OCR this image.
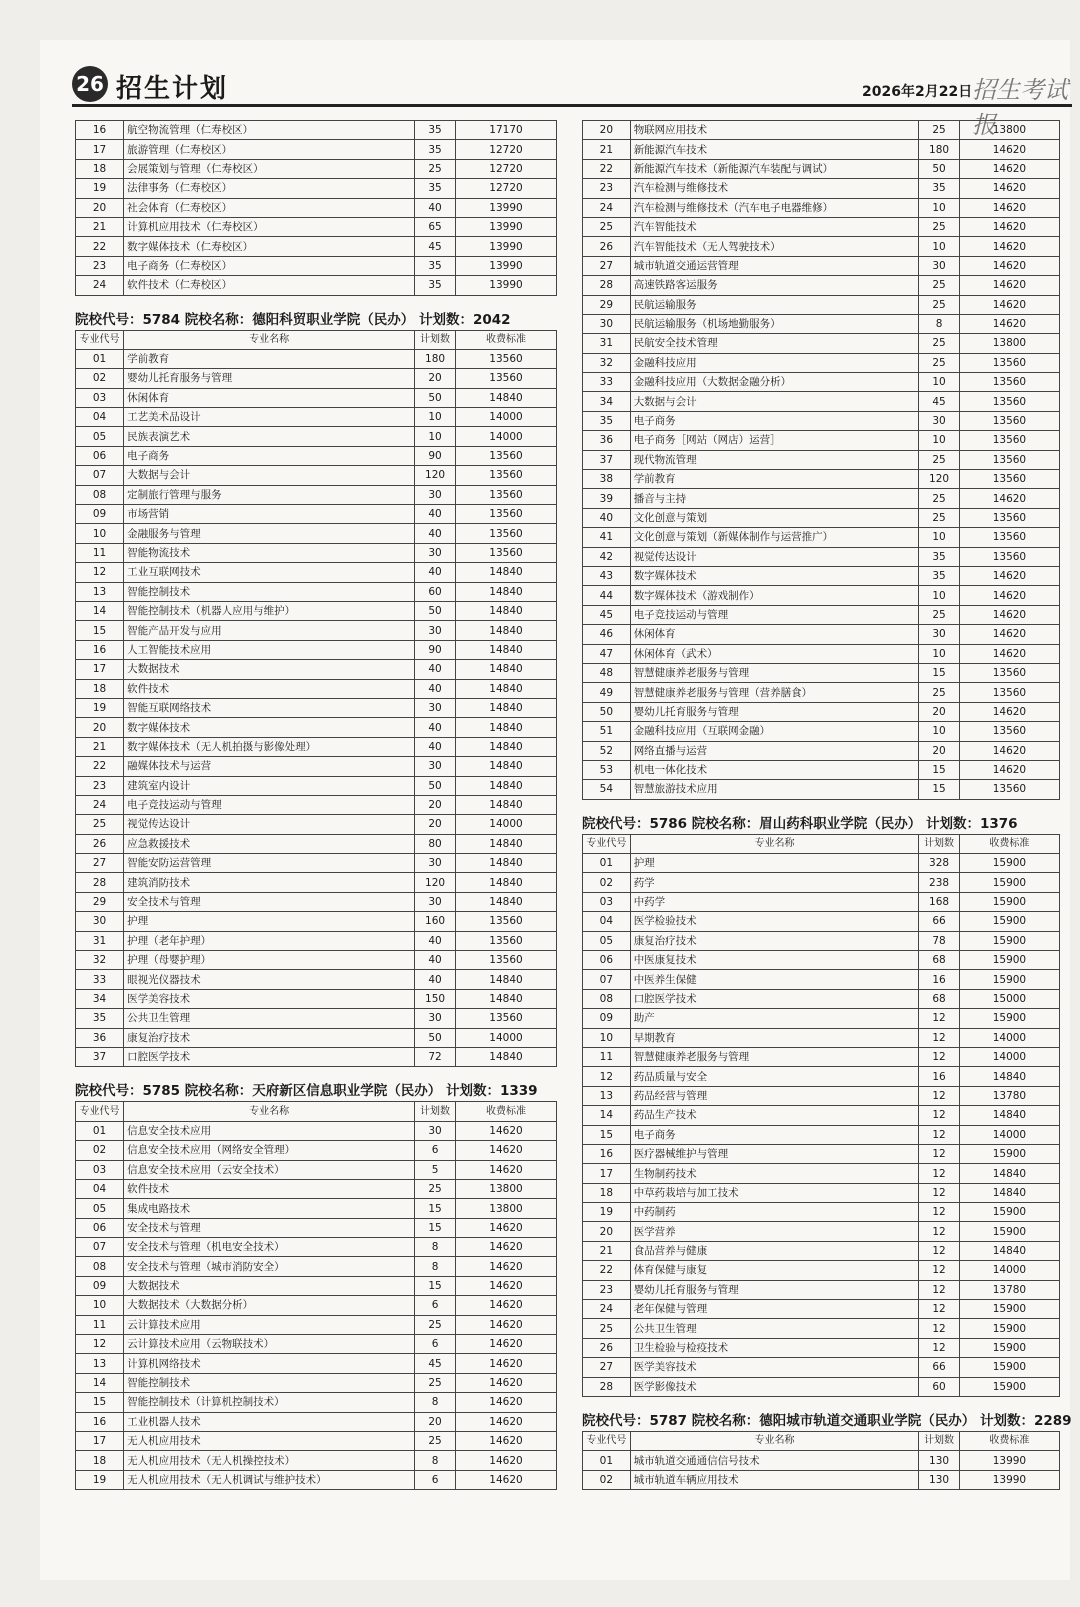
26 招生计划	2026年2月22日 招生考试报
16	航空物流管理（仁寿校区）	35	17170
17	旅游管理（仁寿校区）	35	12720
18	会展策划与管理（仁寿校区）	25	12720
19	法律事务（仁寿校区）	35	12720
20	社会体育（仁寿校区）	40	13990
21	计算机应用技术（仁寿校区）	65	13990
22	数字媒体技术（仁寿校区）	45	13990
23	电子商务（仁寿校区）	35	13990
24	软件技术（仁寿校区）	35	13990
院校代号：5784 院校名称：德阳科贸职业学院（民办） 计划数：2042
专业代号	专业名称	计划数	收费标准
01	学前教育	180	13560
02	婴幼儿托育服务与管理	20	13560
03	休闲体育	50	14840
04	工艺美术品设计	10	14000
05	民族表演艺术	10	14000
06	电子商务	90	13560
07	大数据与会计	120	13560
08	定制旅行管理与服务	30	13560
09	市场营销	40	13560
10	金融服务与管理	40	13560
11	智能物流技术	30	13560
12	工业互联网技术	40	14840
13	智能控制技术	60	14840
14	智能控制技术（机器人应用与维护）	50	14840
15	智能产品开发与应用	30	14840
16	人工智能技术应用	90	14840
17	大数据技术	40	14840
18	软件技术	40	14840
19	智能互联网络技术	30	14840
20	数字媒体技术	40	14840
21	数字媒体技术（无人机拍摄与影像处理）	40	14840
22	融媒体技术与运营	30	14840
23	建筑室内设计	50	14840
24	电子竞技运动与管理	20	14840
25	视觉传达设计	20	14000
26	应急救援技术	80	14840
27	智能安防运营管理	30	14840
28	建筑消防技术	120	14840
29	安全技术与管理	30	14840
30	护理	160	13560
31	护理（老年护理）	40	13560
32	护理（母婴护理）	40	13560
33	眼视光仪器技术	40	14840
34	医学美容技术	150	14840
35	公共卫生管理	30	13560
36	康复治疗技术	50	14000
37	口腔医学技术	72	14840
院校代号：5785 院校名称：天府新区信息职业学院（民办） 计划数：1339
专业代号	专业名称	计划数	收费标准
01	信息安全技术应用	30	14620
02	信息安全技术应用（网络安全管理）	6	14620
03	信息安全技术应用（云安全技术）	5	14620
04	软件技术	25	13800
05	集成电路技术	15	13800
06	安全技术与管理	15	14620
07	安全技术与管理（机电安全技术）	8	14620
08	安全技术与管理（城市消防安全）	8	14620
09	大数据技术	15	14620
10	大数据技术（大数据分析）	6	14620
11	云计算技术应用	25	14620
12	云计算技术应用（云物联技术）	6	14620
13	计算机网络技术	45	14620
14	智能控制技术	25	14620
15	智能控制技术（计算机控制技术）	8	14620
16	工业机器人技术	20	14620
17	无人机应用技术	25	14620
18	无人机应用技术（无人机操控技术）	8	14620
19	无人机应用技术（无人机调试与维护技术）	6	14620
20	物联网应用技术	25	13800
21	新能源汽车技术	180	14620
22	新能源汽车技术（新能源汽车装配与调试）	50	14620
23	汽车检测与维修技术	35	14620
24	汽车检测与维修技术（汽车电子电器维修）	10	14620
25	汽车智能技术	25	14620
26	汽车智能技术（无人驾驶技术）	10	14620
27	城市轨道交通运营管理	30	14620
28	高速铁路客运服务	25	14620
29	民航运输服务	25	14620
30	民航运输服务（机场地勤服务）	8	14620
31	民航安全技术管理	25	13800
32	金融科技应用	25	13560
33	金融科技应用（大数据金融分析）	10	13560
34	大数据与会计	45	13560
35	电子商务	30	13560
36	电子商务［网站（网店）运营］	10	13560
37	现代物流管理	25	13560
38	学前教育	120	13560
39	播音与主持	25	14620
40	文化创意与策划	25	13560
41	文化创意与策划（新媒体制作与运营推广）	10	13560
42	视觉传达设计	35	13560
43	数字媒体技术	35	14620
44	数字媒体技术（游戏制作）	10	14620
45	电子竞技运动与管理	25	14620
46	休闲体育	30	14620
47	休闲体育（武术）	10	14620
48	智慧健康养老服务与管理	15	13560
49	智慧健康养老服务与管理（营养膳食）	25	13560
50	婴幼儿托育服务与管理	20	14620
51	金融科技应用（互联网金融）	10	13560
52	网络直播与运营	20	14620
53	机电一体化技术	15	14620
54	智慧旅游技术应用	15	13560
院校代号：5786 院校名称：眉山药科职业学院（民办） 计划数：1376
专业代号	专业名称	计划数	收费标准
01	护理	328	15900
02	药学	238	15900
03	中药学	168	15900
04	医学检验技术	66	15900
05	康复治疗技术	78	15900
06	中医康复技术	68	15900
07	中医养生保健	16	15900
08	口腔医学技术	68	15000
09	助产	12	15900
10	早期教育	12	14000
11	智慧健康养老服务与管理	12	14000
12	药品质量与安全	16	14840
13	药品经营与管理	12	13780
14	药品生产技术	12	14840
15	电子商务	12	14000
16	医疗器械维护与管理	12	15900
17	生物制药技术	12	14840
18	中草药栽培与加工技术	12	14840
19	中药制药	12	15900
20	医学营养	12	15900
21	食品营养与健康	12	14840
22	体育保健与康复	12	14000
23	婴幼儿托育服务与管理	12	13780
24	老年保健与管理	12	15900
25	公共卫生管理	12	15900
26	卫生检验与检疫技术	12	15900
27	医学美容技术	66	15900
28	医学影像技术	60	15900
院校代号：5787 院校名称：德阳城市轨道交通职业学院（民办） 计划数：2289
专业代号	专业名称	计划数	收费标准
01	城市轨道交通通信信号技术	130	13990
02	城市轨道车辆应用技术	130	13990
